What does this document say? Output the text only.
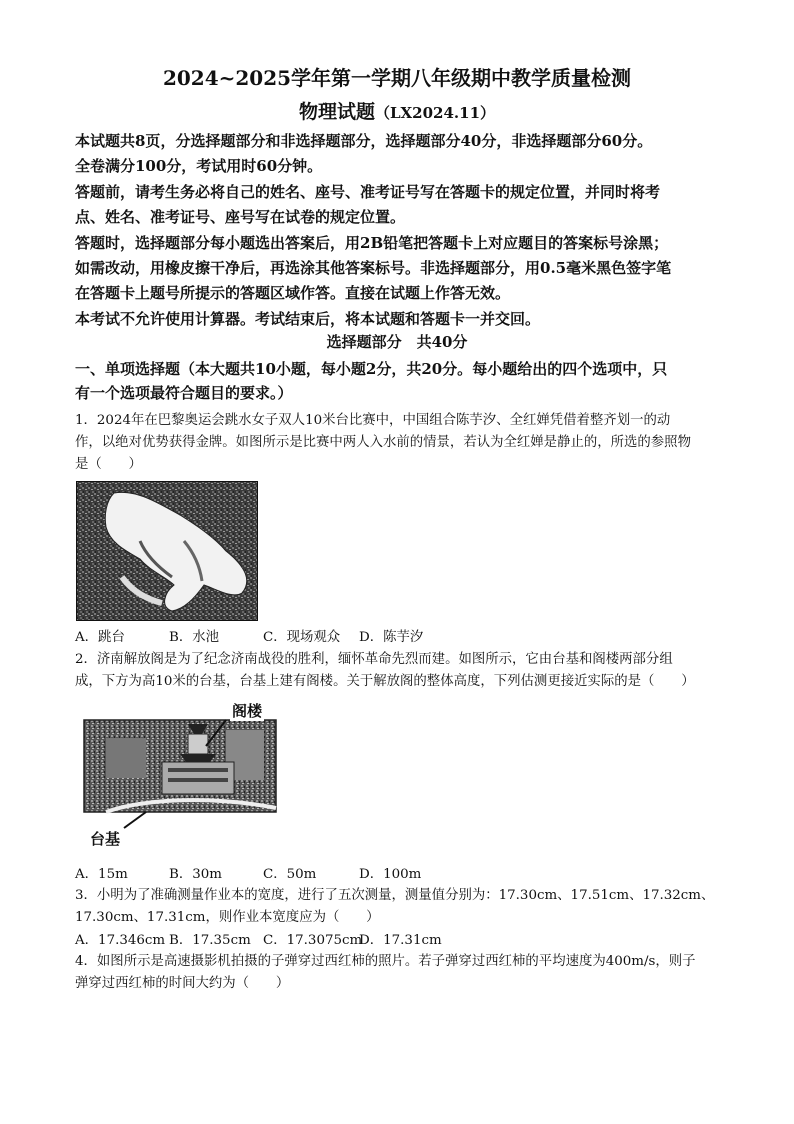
2024~2025学年第一学期八年级期中教学质量检测
物理试题（LX2024.11）

本试题共8页，分选择题部分和非选择题部分，选择题部分40分，非选择题部分60分。

全卷满分100分，考试用时60分钟。

答题前，请考生务必将自己的姓名、座号、准考证号写在答题卡的规定位置，并同时将考

点、姓名、准考证号、座号写在试卷的规定位置。

答题时，选择题部分每小题选出答案后，用2B铅笔把答题卡上对应题目的答案标号涂黑；

如需改动，用橡皮擦干净后，再选涂其他答案标号。非选择题部分，用0.5毫米黑色签字笔

在答题卡上题号所提示的答题区域作答。直接在试题上作答无效。

本考试不允许使用计算器。考试结束后，将本试题和答题卡一并交回。

选择题部分　共40分

一、单项选择题（本大题共10小题，每小题2分，共20分。每小题给出的四个选项中，只

有一个选项最符合题目的要求。）

1．2024年在巴黎奥运会跳水女子双人10米台比赛中，中国组合陈芋汐、全红婵凭借着整齐划一的动

作，以绝对优势获得金牌。如图所示是比赛中两人入水前的情景，若认为全红婵是静止的，所选的参照物

是（　　）

A．跳台	B．水池	C．现场观众 D．陈芋汐

2．济南解放阁是为了纪念济南战役的胜利，缅怀革命先烈而建。如图所示，它由台基和阁楼两部分组

成，下方为高10米的台基，台基上建有阁楼。关于解放阁的整体高度，下列估测更接近实际的是（　　）

阁楼
台基
A．15m	B．30m	C．50m	D．100m

3．小明为了准确测量作业本的宽度，进行了五次测量，测量值分别为：17.30cm、17.51cm、17.32cm、

17.30cm、17.31cm，则作业本宽度应为（　　）

A．17.346cm B．17.35cm C．17.3075cmD．17.31cm

4．如图所示是高速摄影机拍摄的子弹穿过西红柿的照片。若子弹穿过西红柿的平均速度为400m/s，则子

弹穿过西红柿的时间大约为（　　）
